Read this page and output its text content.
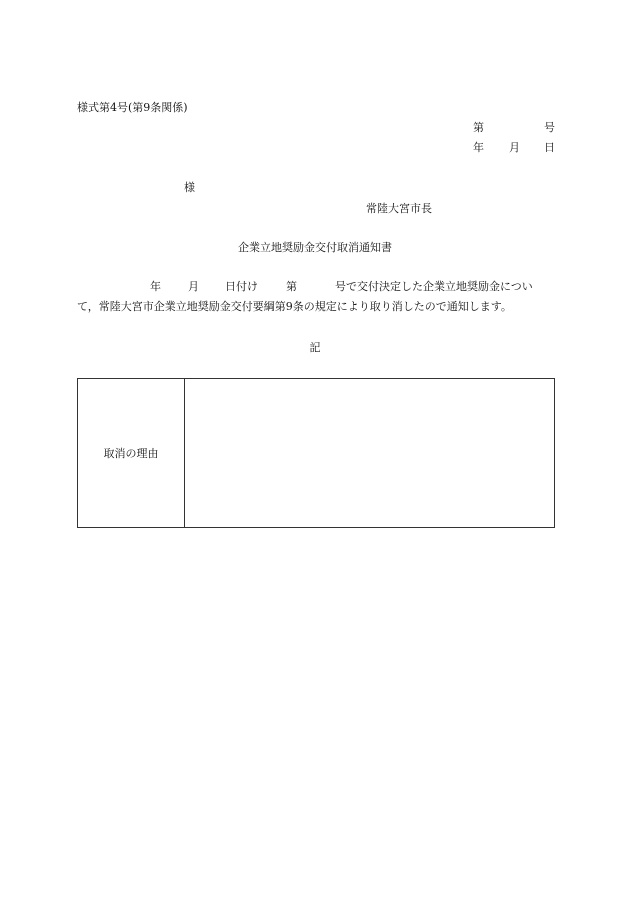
様式第4号(第9条関係)
第	号
年 月 日
様
常陸大宮市長
企業立地奨励金交付取消通知書
年 月 日付け	第	号で交付決定した企業立地奨励金につい
て，常陸大宮市企業立地奨励金交付要綱第9条の規定により取り消したので通知します。
記
取消の理由
